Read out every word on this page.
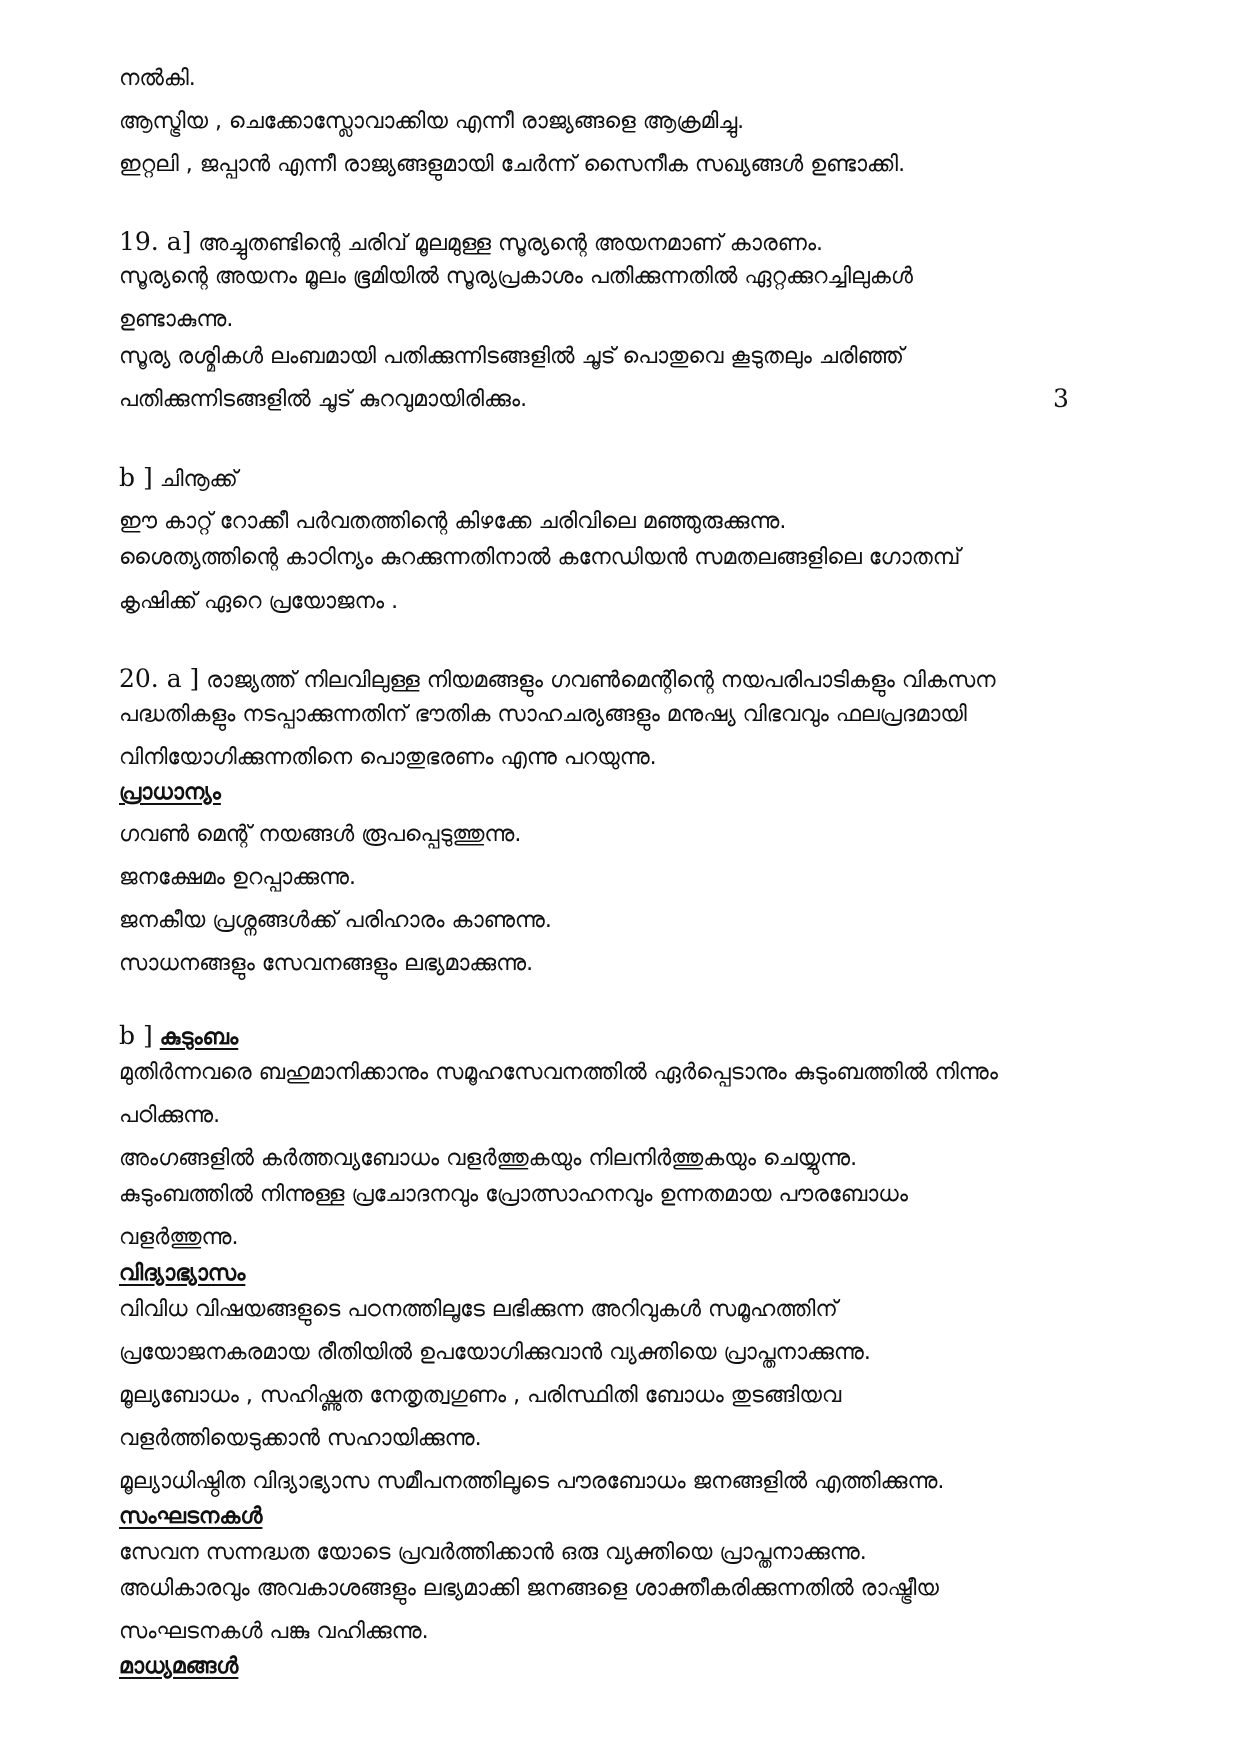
നൽകി.
ആസ്ട്രിയ , ചെക്കോസ്ലോവാക്കിയ എന്നീ രാജ്യങ്ങളെ ആക്രമിച്ചു.
ഇറ്റലി , ജപ്പാൻ എന്നീ രാജ്യങ്ങളുമായി ചേർന്ന് സൈനീക സഖ്യങ്ങൾ ഉണ്ടാക്കി.
19. a] അച്ചുതണ്ടിന്റെ ചരിവ് മൂലമുള്ള സൂര്യന്റെ അയനമാണ് കാരണം.
സൂര്യന്റെ അയനം മൂലം ഭൂമിയിൽ സൂര്യപ്രകാശം പതിക്കുന്നതിൽ ഏറ്റക്കുറച്ചിലുകൾ
ഉണ്ടാകുന്നു.
സൂര്യ രശ്മികൾ ലംബമായി പതിക്കുന്നിടങ്ങളിൽ ചൂട് പൊതുവെ കൂടുതലും ചരിഞ്ഞ്
പതിക്കുന്നിടങ്ങളിൽ ചൂട് കുറവുമായിരിക്കും.	3
b ] ചിനൂക്ക്
ഈ കാറ്റ് റോക്കീ പർവതത്തിന്റെ കിഴക്കേ ചരിവിലെ മഞ്ഞുരുക്കുന്നു.
ശൈത്യത്തിന്റെ കാഠിന്യം കുറക്കുന്നതിനാൽ കനേഡിയൻ സമതലങ്ങളിലെ ഗോതമ്പ്
കൃഷിക്ക് ഏറെ പ്രയോജനം .
20. a ] രാജ്യത്ത് നിലവിലുള്ള നിയമങ്ങളും ഗവൺമെന്റിന്റെ നയപരിപാടികളും വികസന
പദ്ധതികളും നടപ്പാക്കുന്നതിന് ഭൗതിക സാഹചര്യങ്ങളും മനുഷ്യ വിഭവവും ഫലപ്രദമായി
വിനിയോഗിക്കുന്നതിനെ പൊതുഭരണം എന്നു പറയുന്നു.
പ്രാധാന്യം
ഗവൺ മെന്റ് നയങ്ങൾ രൂപപ്പെടുത്തുന്നു.
ജനക്ഷേമം ഉറപ്പാക്കുന്നു.
ജനകീയ പ്രശ്നങ്ങൾക്ക് പരിഹാരം കാണുന്നു.
സാധനങ്ങളും സേവനങ്ങളും ലഭ്യമാക്കുന്നു.
b ] കുടുംബം
മുതിർന്നവരെ ബഹുമാനിക്കാനും സമൂഹസേവനത്തിൽ ഏർപ്പെടാനും കുടുംബത്തിൽ നിന്നും
പഠിക്കുന്നു.
അംഗങ്ങളിൽ കർത്തവ്യബോധം വളർത്തുകയും നിലനിർത്തുകയും ചെയ്യുന്നു.
കുടുംബത്തിൽ നിന്നുള്ള പ്രചോദനവും പ്രോത്സാഹനവും ഉന്നതമായ പൗരബോധം
വളർത്തുന്നു.
വിദ്യാഭ്യാസം
വിവിധ വിഷയങ്ങളുടെ പഠനത്തിലൂടേ ലഭിക്കുന്ന അറിവുകൾ സമൂഹത്തിന്
പ്രയോജനകരമായ രീതിയിൽ ഉപയോഗിക്കുവാൻ വ്യക്തിയെ പ്രാപ്തനാക്കുന്നു.
മൂല്യബോധം , സഹിഷ്ണുത നേതൃത്വഗുണം , പരിസ്ഥിതി ബോധം തുടങ്ങിയവ
വളർത്തിയെടുക്കാൻ സഹായിക്കുന്നു.
മൂല്യാധിഷ്ഠിത വിദ്യാഭ്യാസ സമീപനത്തിലൂടെ പൗരബോധം ജനങ്ങളിൽ എത്തിക്കുന്നു.
സംഘടനകൾ
സേവന സന്നദ്ധത യോടെ പ്രവർത്തിക്കാൻ ഒരു വ്യക്തിയെ പ്രാപ്തനാക്കുന്നു.
അധികാരവും അവകാശങ്ങളും ലഭ്യമാക്കി ജനങ്ങളെ ശാക്തീകരിക്കുന്നതിൽ രാഷ്ട്രീയ
സംഘടനകൾ പങ്കു വഹിക്കുന്നു.
മാധ്യമങ്ങൾ
